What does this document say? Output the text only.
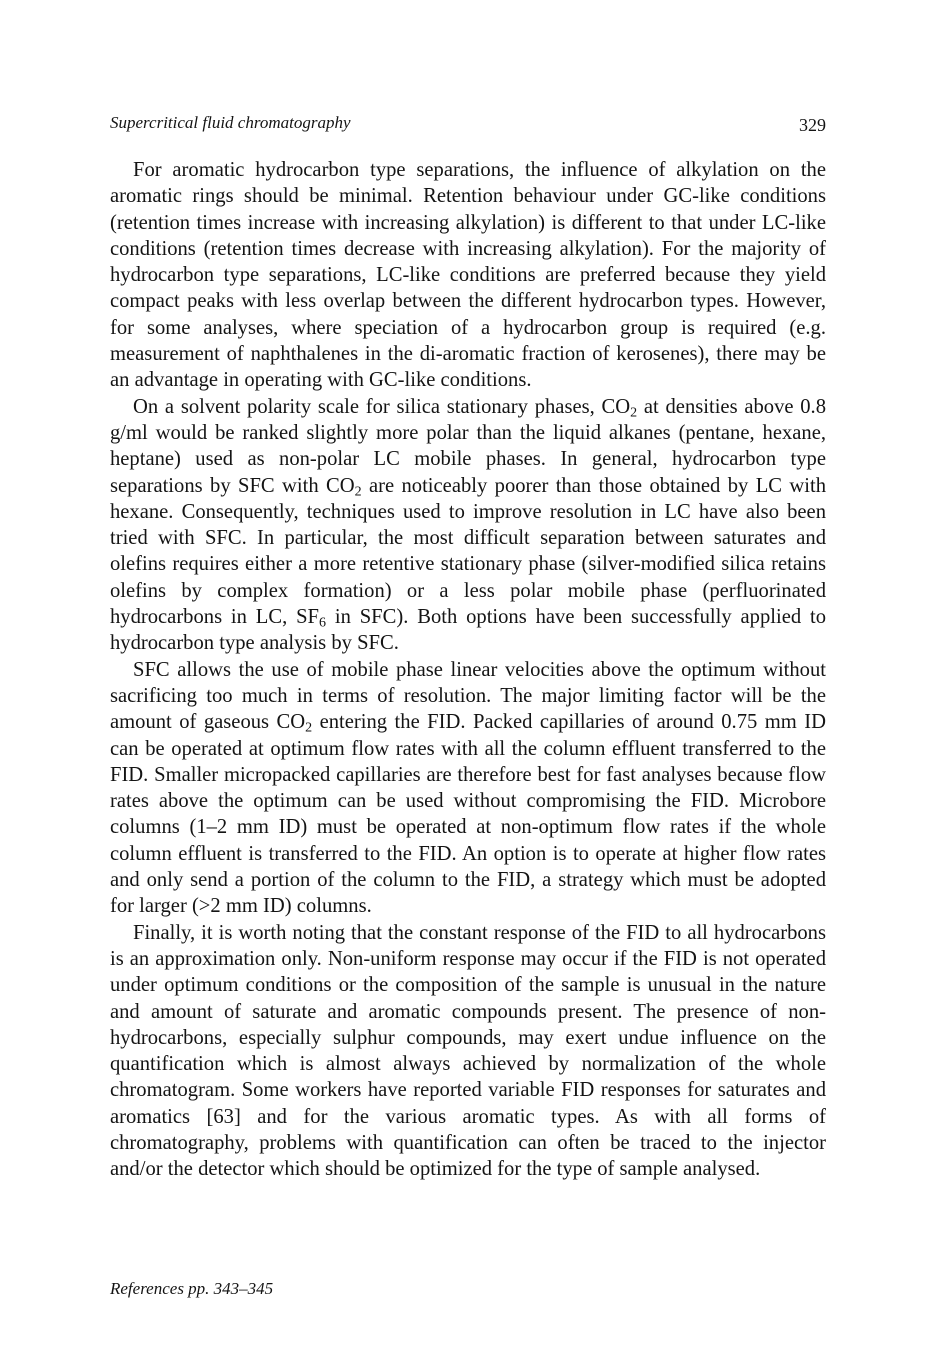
Supercritical fluid chromatography	329

For aromatic hydrocarbon type separations, the influence of alkylation on the aromatic rings should be minimal. Retention behaviour under GC-like conditions (retention times increase with increasing alkylation) is different to that under LC-like conditions (retention times decrease with increasing alkylation). For the majority of hydrocarbon type separations, LC-like conditions are preferred because they yield compact peaks with less overlap between the different hydrocarbon types. However, for some analyses, where speciation of a hydrocarbon group is required (e.g. measurement of naphthalenes in the di-aromatic fraction of kerosenes), there may be an advantage in operating with GC-like conditions.

On a solvent polarity scale for silica stationary phases, $CO_2$ at densities above 0.8 g/ml would be ranked slightly more polar than the liquid alkanes (pentane, hexane, heptane) used as non-polar LC mobile phases. In general, hydrocarbon type separations by SFC with $CO_2$ are noticeably poorer than those obtained by LC with hexane. Consequently, techniques used to improve resolution in LC have also been tried with SFC. In particular, the most difficult separation between saturates and olefins requires either a more retentive stationary phase (silver-modified silica retains olefins by complex formation) or a less polar mobile phase (perfluorinated hydrocarbons in LC, $SF_6$ in SFC). Both options have been successfully applied to hydrocarbon type analysis by SFC.

SFC allows the use of mobile phase linear velocities above the optimum without sacrificing too much in terms of resolution. The major limiting factor will be the amount of gaseous $CO_2$ entering the FID. Packed capillaries of around 0.75 mm ID can be operated at optimum flow rates with all the column effluent transferred to the FID. Smaller micropacked capillaries are therefore best for fast analyses because flow rates above the optimum can be used without compromising the FID. Microbore columns (1–2 mm ID) must be operated at non-optimum flow rates if the whole column effluent is transferred to the FID. An option is to operate at higher flow rates and only send a portion of the column to the FID, a strategy which must be adopted for larger (>2 mm ID) columns.

Finally, it is worth noting that the constant response of the FID to all hydrocarbons is an approximation only. Non-uniform response may occur if the FID is not operated under optimum conditions or the composition of the sample is unusual in the nature and amount of saturate and aromatic compounds present. The presence of non-hydrocarbons, especially sulphur compounds, may exert undue influence on the quantification which is almost always achieved by normalization of the whole chromatogram. Some workers have reported variable FID responses for saturates and aromatics [63] and for the various aromatic types. As with all forms of chromatography, problems with quantification can often be traced to the injector and/or the detector which should be optimized for the type of sample analysed.

References pp. 343–345
